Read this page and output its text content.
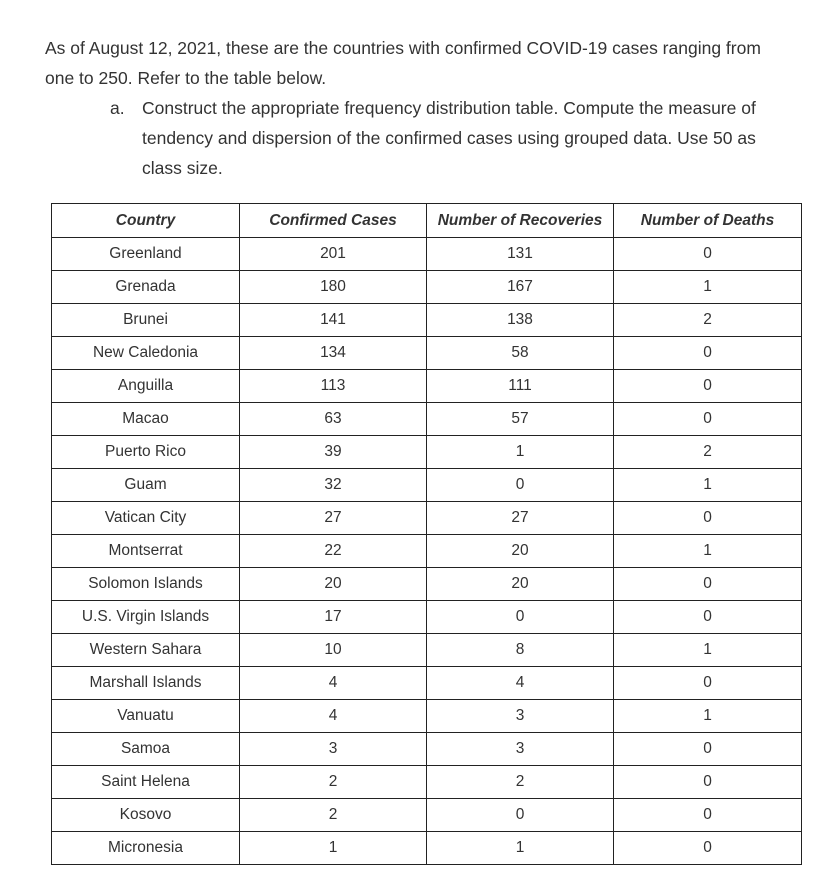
As of August 12, 2021, these are the countries with confirmed COVID-19 cases ranging from
one to 250. Refer to the table below.
a. Construct the appropriate frequency distribution table. Compute the measure of
tendency and dispersion of the confirmed cases using grouped data. Use 50 as
class size.
Country	Confirmed Cases	Number of Recoveries	Number of Deaths
Greenland	201	131	0
Grenada	180	167	1
Brunei	141	138	2
New Caledonia	134	58	0
Anguilla	113	111	0
Macao	63	57	0
Puerto Rico	39	1	2
Guam	32	0	1
Vatican City	27	27	0
Montserrat	22	20	1
Solomon Islands	20	20	0
U.S. Virgin Islands	17	0	0
Western Sahara	10	8	1
Marshall Islands	4	4	0
Vanuatu	4	3	1
Samoa	3	3	0
Saint Helena	2	2	0
Kosovo	2	0	0
Micronesia	1	1	0
